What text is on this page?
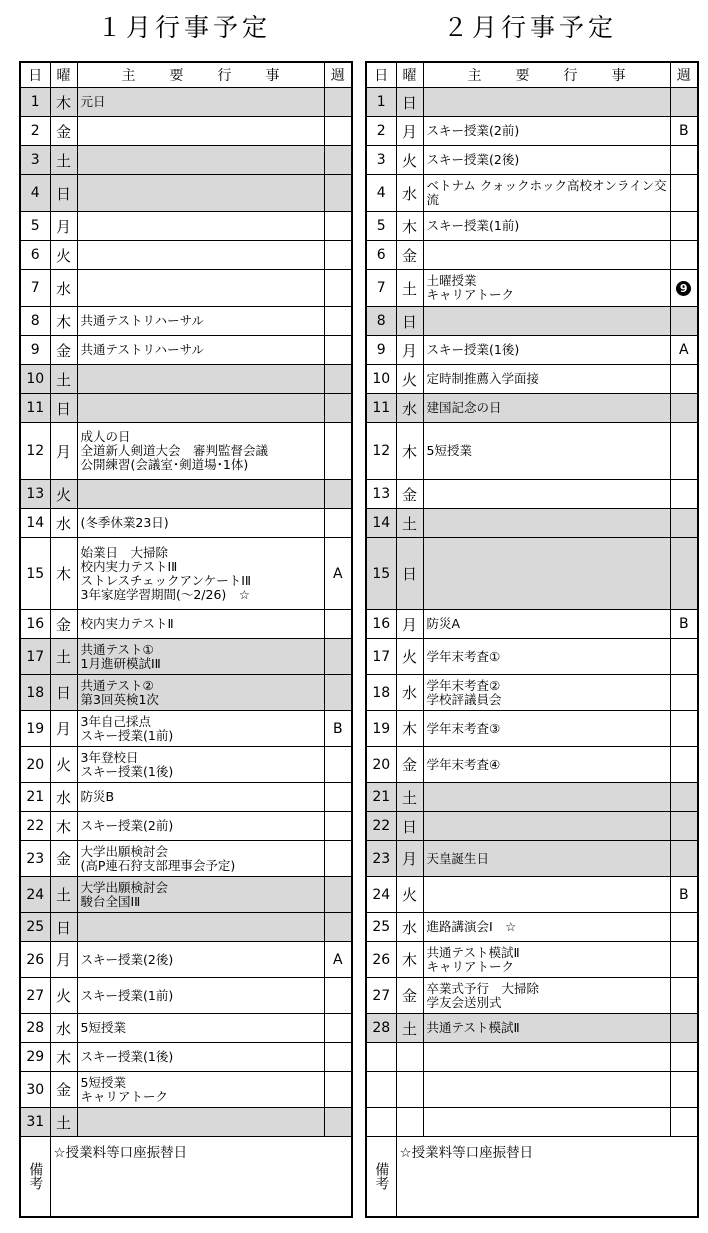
１月行事予定	２月行事予定
日	曜	主 要 行 事	週
1	木	元日	
2	金		
3	土		
4	日		
5	月		
6	火		
7	水		
8	木	共通テストリハーサル	
9	金	共通テストリハーサル	
10	土		
11	日		
12	月	成人の日
全道新人剣道大会　審判監督会議
公開練習(会議室･剣道場･1体)	
13	火		
14	水	(冬季休業23日)	
15	木	始業日　大掃除
校内実力テストⅠⅡ
ストレスチェックアンケートⅠⅡ
3年家庭学習期間(～2/26)　☆	A
16	金	校内実力テストⅡ	
17	土	共通テスト①
1月進研模試ⅠⅡ	
18	日	共通テスト②
第3回英検1次	
19	月	3年自己採点
スキー授業(1前)	B
20	火	3年登校日
スキー授業(1後)	
21	水	防災B	
22	木	スキー授業(2前)	
23	金	大学出願検討会
(高P連石狩支部理事会予定)	
24	土	大学出願検討会
駿台全国ⅠⅡ	
25	日		
26	月	スキー授業(2後)	A
27	火	スキー授業(1前)	
28	水	5短授業	
29	木	スキー授業(1後)	
30	金	5短授業
キャリアトーク	
31	土		
備考	☆授業料等口座振替日		
日	曜	主 要 行 事	週
1	日		
2	月	スキー授業(2前)	B
3	火	スキー授業(2後)	
4	水	ベトナム クォックホック高校オンライン交流	
5	木	スキー授業(1前)	
6	金		
7	土	土曜授業
キャリアトーク	9
8	日		
9	月	スキー授業(1後)	A
10	火	定時制推薦入学面接	
11	水	建国記念の日	
12	木	5短授業	
13	金		
14	土		
15	日		
16	月	防災A	B
17	火	学年末考査①	
18	水	学年末考査②
学校評議員会	
19	木	学年末考査③	
20	金	学年末考査④	
21	土		
22	日		
23	月	天皇誕生日	
24	火		B
25	水	進路講演会Ⅰ　☆	
26	木	共通テスト模試Ⅱ
キャリアトーク	
27	金	卒業式予行　大掃除
学友会送別式	
28	土	共通テスト模試Ⅱ	

備考	☆授業料等口座振替日		
